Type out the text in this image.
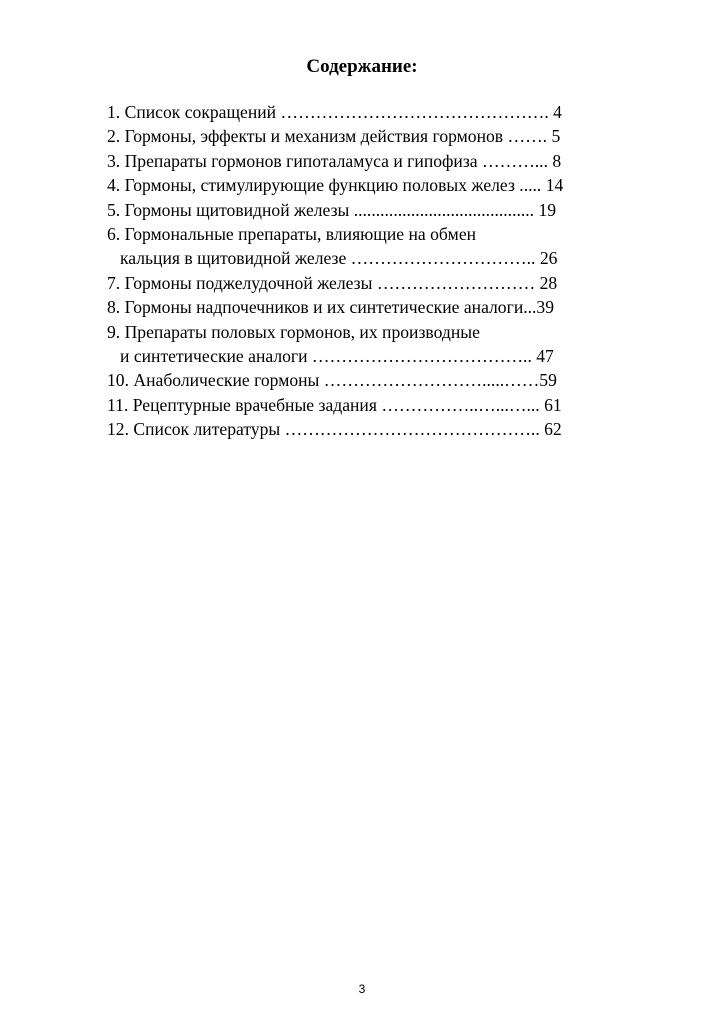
Содержание:
1. Список сокращений ………………………………………. 4
2. Гормоны, эффекты и механизм действия гормонов ……. 5
3. Препараты гормонов гипоталамуса и гипофиза ………... 8
4. Гормоны, стимулирующие функцию половых желез ..... 14
5. Гормоны щитовидной железы ......................................... 19
6. Гормональные препараты, влияющие на обмен
кальция в щитовидной железе ………………………….. 26
7. Гормоны поджелудочной железы ……………………… 28
8. Гормоны надпочечников и их синтетические аналоги...39
9. Препараты половых гормонов, их производные
и синтетические аналоги ……………………………….. 47
10. Анаболические гормоны ……………………….....……59
11. Рецептурные врачебные задания ……………..…...…... 61
12. Список литературы …………………………………….. 62
3
